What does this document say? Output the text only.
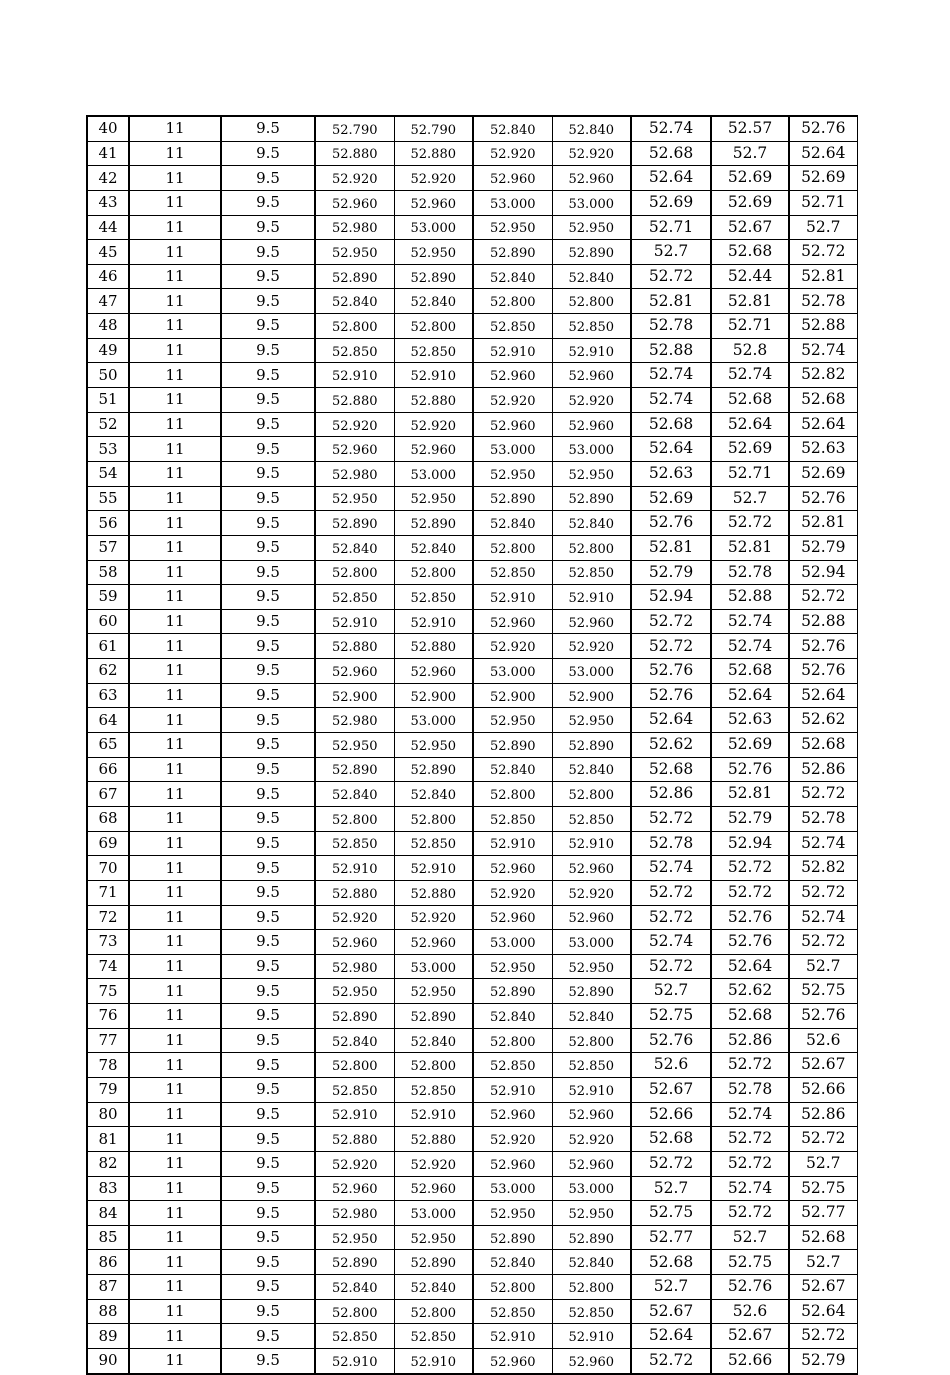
40	11	9.5	52.790	52.790	52.840	52.840	52.74	52.57	52.76
41	11	9.5	52.880	52.880	52.920	52.920	52.68	52.7	52.64
42	11	9.5	52.920	52.920	52.960	52.960	52.64	52.69	52.69
43	11	9.5	52.960	52.960	53.000	53.000	52.69	52.69	52.71
44	11	9.5	52.980	53.000	52.950	52.950	52.71	52.67	52.7
45	11	9.5	52.950	52.950	52.890	52.890	52.7	52.68	52.72
46	11	9.5	52.890	52.890	52.840	52.840	52.72	52.44	52.81
47	11	9.5	52.840	52.840	52.800	52.800	52.81	52.81	52.78
48	11	9.5	52.800	52.800	52.850	52.850	52.78	52.71	52.88
49	11	9.5	52.850	52.850	52.910	52.910	52.88	52.8	52.74
50	11	9.5	52.910	52.910	52.960	52.960	52.74	52.74	52.82
51	11	9.5	52.880	52.880	52.920	52.920	52.74	52.68	52.68
52	11	9.5	52.920	52.920	52.960	52.960	52.68	52.64	52.64
53	11	9.5	52.960	52.960	53.000	53.000	52.64	52.69	52.63
54	11	9.5	52.980	53.000	52.950	52.950	52.63	52.71	52.69
55	11	9.5	52.950	52.950	52.890	52.890	52.69	52.7	52.76
56	11	9.5	52.890	52.890	52.840	52.840	52.76	52.72	52.81
57	11	9.5	52.840	52.840	52.800	52.800	52.81	52.81	52.79
58	11	9.5	52.800	52.800	52.850	52.850	52.79	52.78	52.94
59	11	9.5	52.850	52.850	52.910	52.910	52.94	52.88	52.72
60	11	9.5	52.910	52.910	52.960	52.960	52.72	52.74	52.88
61	11	9.5	52.880	52.880	52.920	52.920	52.72	52.74	52.76
62	11	9.5	52.960	52.960	53.000	53.000	52.76	52.68	52.76
63	11	9.5	52.900	52.900	52.900	52.900	52.76	52.64	52.64
64	11	9.5	52.980	53.000	52.950	52.950	52.64	52.63	52.62
65	11	9.5	52.950	52.950	52.890	52.890	52.62	52.69	52.68
66	11	9.5	52.890	52.890	52.840	52.840	52.68	52.76	52.86
67	11	9.5	52.840	52.840	52.800	52.800	52.86	52.81	52.72
68	11	9.5	52.800	52.800	52.850	52.850	52.72	52.79	52.78
69	11	9.5	52.850	52.850	52.910	52.910	52.78	52.94	52.74
70	11	9.5	52.910	52.910	52.960	52.960	52.74	52.72	52.82
71	11	9.5	52.880	52.880	52.920	52.920	52.72	52.72	52.72
72	11	9.5	52.920	52.920	52.960	52.960	52.72	52.76	52.74
73	11	9.5	52.960	52.960	53.000	53.000	52.74	52.76	52.72
74	11	9.5	52.980	53.000	52.950	52.950	52.72	52.64	52.7
75	11	9.5	52.950	52.950	52.890	52.890	52.7	52.62	52.75
76	11	9.5	52.890	52.890	52.840	52.840	52.75	52.68	52.76
77	11	9.5	52.840	52.840	52.800	52.800	52.76	52.86	52.6
78	11	9.5	52.800	52.800	52.850	52.850	52.6	52.72	52.67
79	11	9.5	52.850	52.850	52.910	52.910	52.67	52.78	52.66
80	11	9.5	52.910	52.910	52.960	52.960	52.66	52.74	52.86
81	11	9.5	52.880	52.880	52.920	52.920	52.68	52.72	52.72
82	11	9.5	52.920	52.920	52.960	52.960	52.72	52.72	52.7
83	11	9.5	52.960	52.960	53.000	53.000	52.7	52.74	52.75
84	11	9.5	52.980	53.000	52.950	52.950	52.75	52.72	52.77
85	11	9.5	52.950	52.950	52.890	52.890	52.77	52.7	52.68
86	11	9.5	52.890	52.890	52.840	52.840	52.68	52.75	52.7
87	11	9.5	52.840	52.840	52.800	52.800	52.7	52.76	52.67
88	11	9.5	52.800	52.800	52.850	52.850	52.67	52.6	52.64
89	11	9.5	52.850	52.850	52.910	52.910	52.64	52.67	52.72
90	11	9.5	52.910	52.910	52.960	52.960	52.72	52.66	52.79
